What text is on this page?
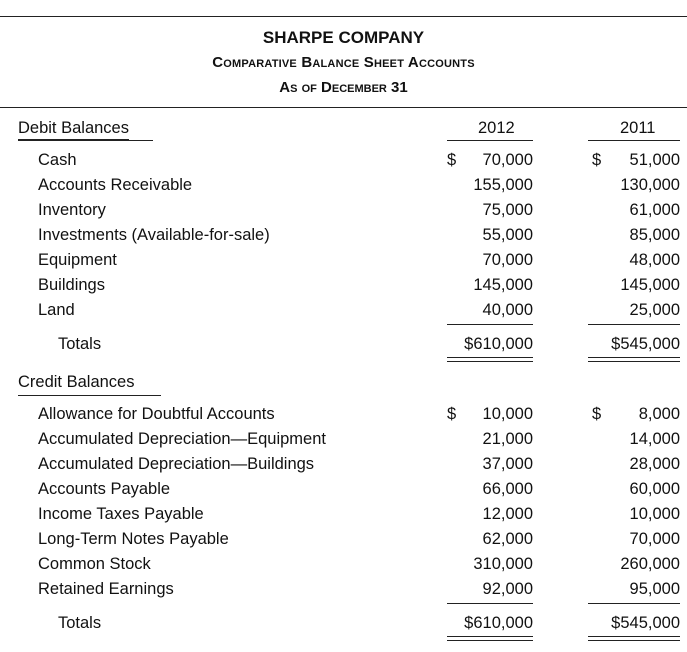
SHARPE COMPANY
Comparative Balance Sheet Accounts
As of December 31
Debit Balances	2012	2011
Cash	$	70,000	$	51,000
Accounts Receivable	155,000	130,000
Inventory	75,000	61,000
Investments (Available-for-sale)	55,000	85,000
Equipment	70,000	48,000
Buildings	145,000	145,000
Land	40,000	25,000
Totals	$610,000	$545,000
Credit Balances
Allowance for Doubtful Accounts	$	10,000	$	8,000
Accumulated Depreciation—Equipment	21,000	14,000
Accumulated Depreciation—Buildings	37,000	28,000
Accounts Payable	66,000	60,000
Income Taxes Payable	12,000	10,000
Long-Term Notes Payable	62,000	70,000
Common Stock	310,000	260,000
Retained Earnings	92,000	95,000
Totals	$610,000	$545,000
